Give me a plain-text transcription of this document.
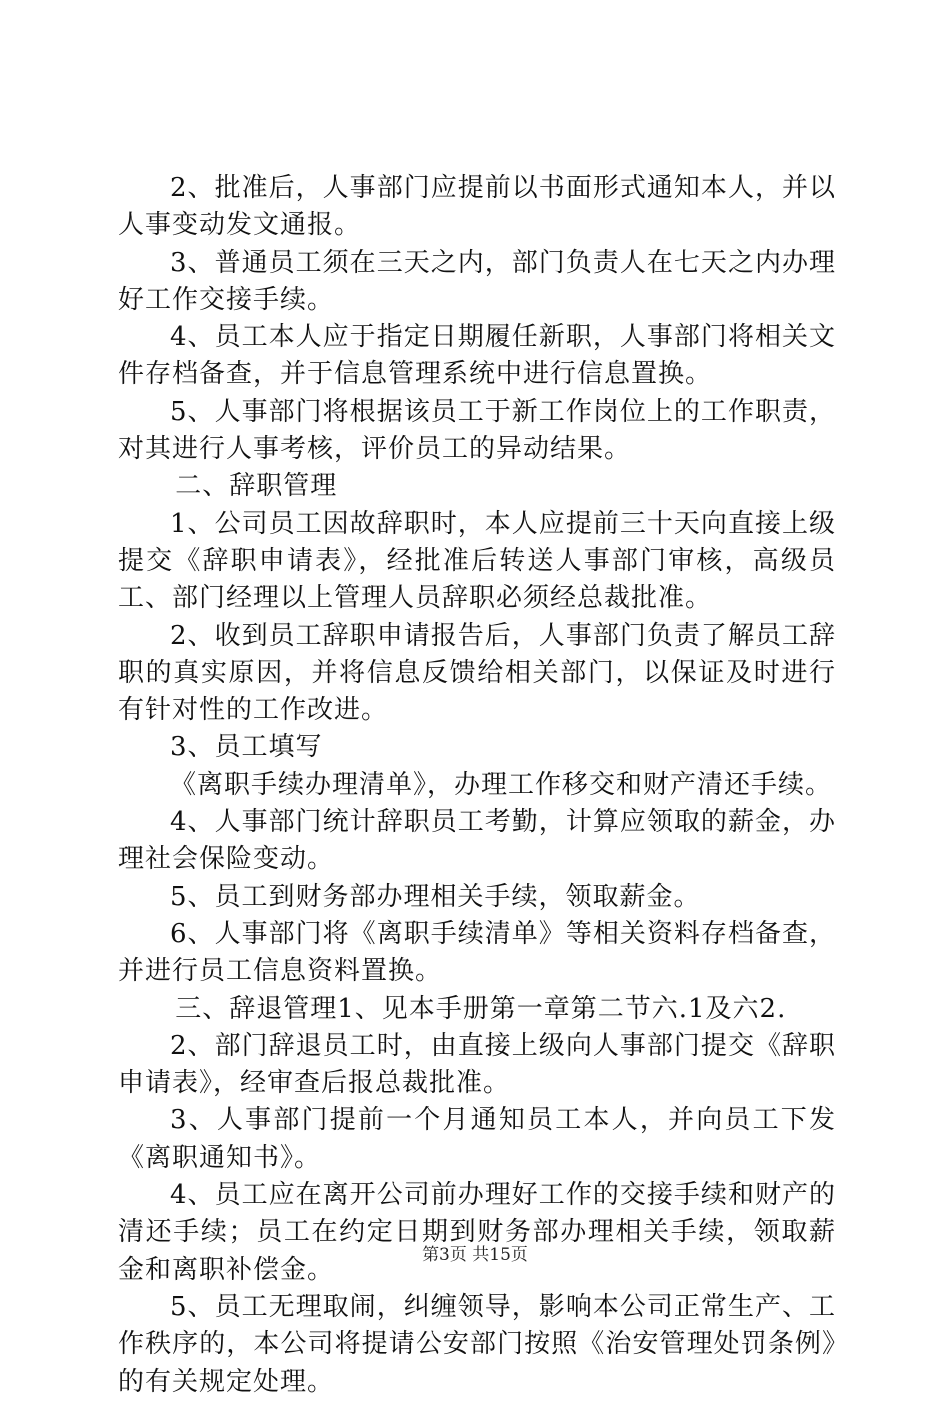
2、批准后，人事部门应提前以书面形式通知本人，并以人事变动发文通报。

3、普通员工须在三天之内，部门负责人在七天之内办理好工作交接手续。

4、员工本人应于指定日期履任新职，人事部门将相关文件存档备查，并于信息管理系统中进行信息置换。

5、人事部门将根据该员工于新工作岗位上的工作职责，对其进行人事考核，评价员工的异动结果。

二、辞职管理

1、公司员工因故辞职时，本人应提前三十天向直接上级提交《辞职申请表》，经批准后转送人事部门审核，高级员工、部门经理以上管理人员辞职必须经总裁批准。

2、收到员工辞职申请报告后，人事部门负责了解员工辞职的真实原因，并将信息反馈给相关部门，以保证及时进行有针对性的工作改进。

3、员工填写

《离职手续办理清单》，办理工作移交和财产清还手续。

4、人事部门统计辞职员工考勤，计算应领取的薪金，办理社会保险变动。

5、员工到财务部办理相关手续，领取薪金。

6、人事部门将《离职手续清单》等相关资料存档备查，并进行员工信息资料置换。

三、辞退管理1、见本手册第一章第二节六.1及六2.

2、部门辞退员工时，由直接上级向人事部门提交《辞职申请表》，经审查后报总裁批准。

3、人事部门提前一个月通知员工本人，并向员工下发《离职通知书》。

4、员工应在离开公司前办理好工作的交接手续和财产的清还手续；员工在约定日期到财务部办理相关手续，领取薪金和离职补偿金。

5、员工无理取闹，纠缠领导，影响本公司正常生产、工作秩序的，本公司将提请公安部门按照《治安管理处罚条例》的有关规定处理。

第3页 共15页
